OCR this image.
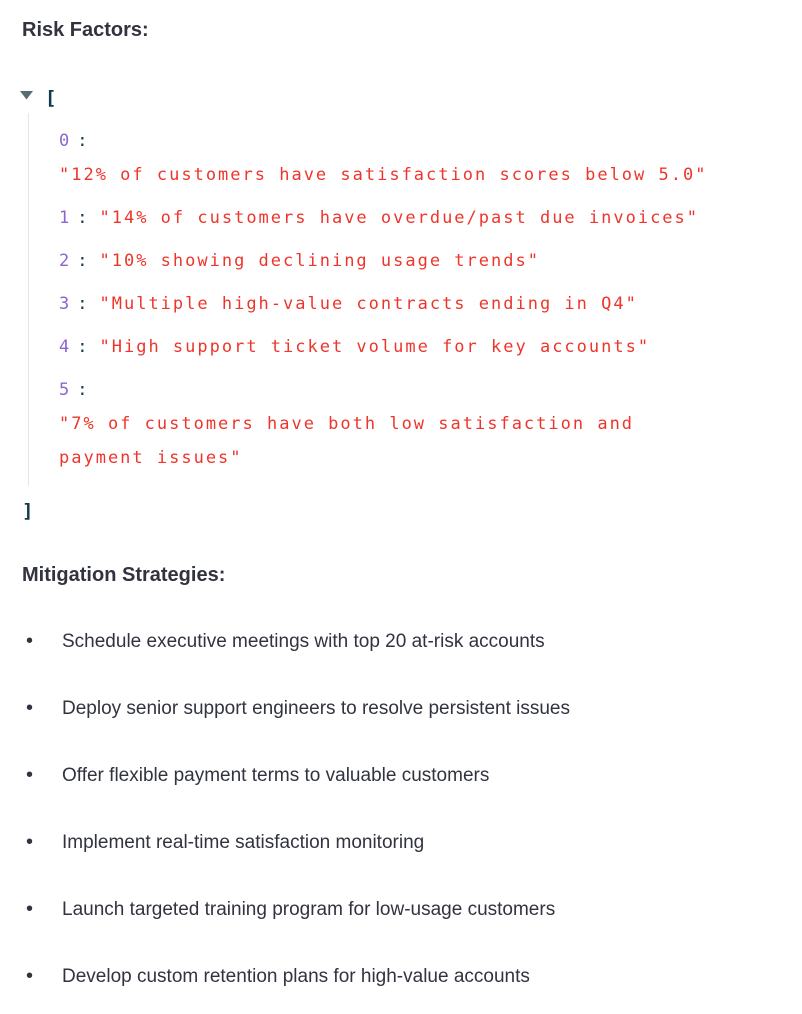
Risk Factors:
[
0 :"12% of customers have satisfaction scores below 5.0"
1 : "14% of customers have overdue/past due invoices"
2 : "10% showing declining usage trends"
3 : "Multiple high-value contracts ending in Q4"
4 : "High support ticket volume for key accounts"
5 :"7% of customers have both low satisfaction and payment issues"
]
Mitigation Strategies:
• Schedule executive meetings with top 20 at-risk accounts
• Deploy senior support engineers to resolve persistent issues
• Offer flexible payment terms to valuable customers
• Implement real-time satisfaction monitoring
• Launch targeted training program for low-usage customers
• Develop custom retention plans for high-value accounts
